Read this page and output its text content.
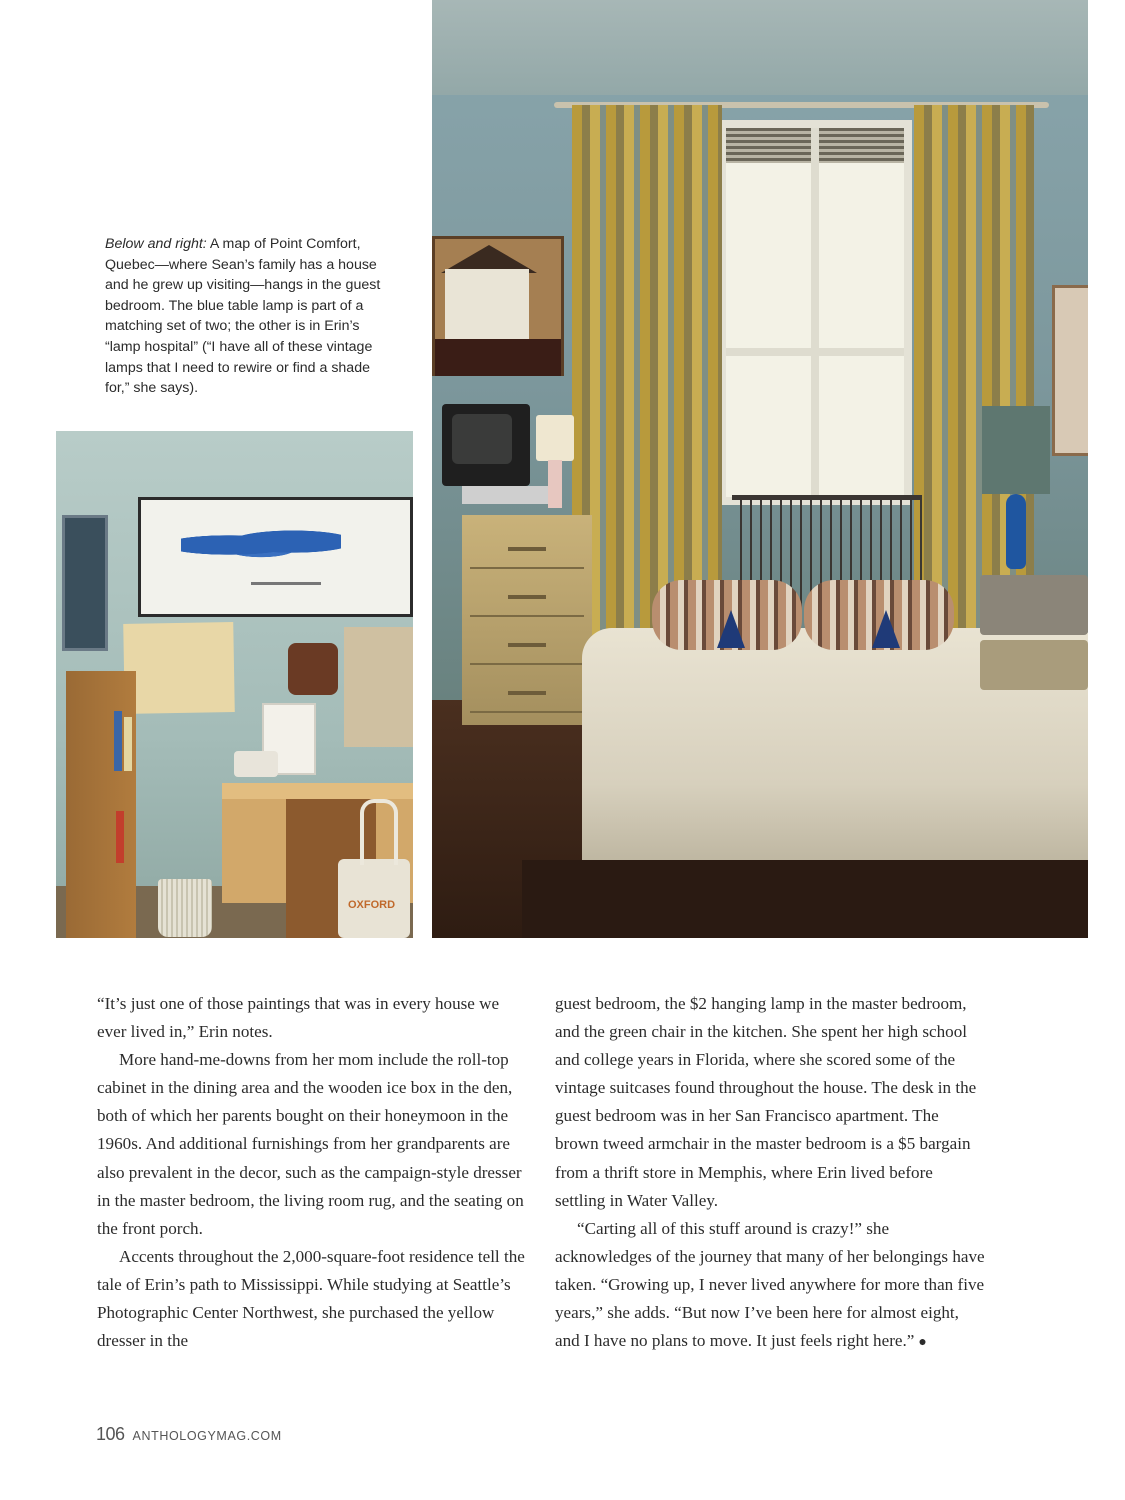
Below and right: A map of Point Comfort, Quebec—where Sean’s family has a house and he grew up visiting—hangs in the guest bedroom. The blue table lamp is part of a matching set of two; the other is in Erin’s “lamp hospital” (“I have all of these vintage lamps that I need to rewire or find a shade for,” she says).
OXFORD

“It’s just one of those paintings that was in every house we ever lived in,” Erin notes.

More hand-me-downs from her mom include the roll-top cabinet in the dining area and the wooden ice box in the den, both of which her parents bought on their honeymoon in the 1960s. And additional furnishings from her grandparents are also prevalent in the decor, such as the campaign-style dresser in the master bedroom, the living room rug, and the seating on the front porch.

Accents throughout the 2,000-square-foot residence tell the tale of Erin’s path to Mississippi. While studying at Seattle’s Photographic Center Northwest, she purchased the yellow dresser in the

guest bedroom, the $2 hanging lamp in the master bedroom, and the green chair in the kitchen. She spent her high school and college years in Florida, where she scored some of the vintage suitcases found throughout the house. The desk in the guest bedroom was in her San Francisco apartment. The brown tweed armchair in the master bedroom is a $5 bargain from a thrift store in Memphis, where Erin lived before settling in Water Valley.

“Carting all of this stuff around is crazy!” she acknowledges of the journey that many of her belongings have taken. “Growing up, I never lived anywhere for more than five years,” she adds. “But now I’ve been here for almost eight, and I have no plans to move. It just feels right here.” ●

106 ANTHOLOGYMAG.COM
